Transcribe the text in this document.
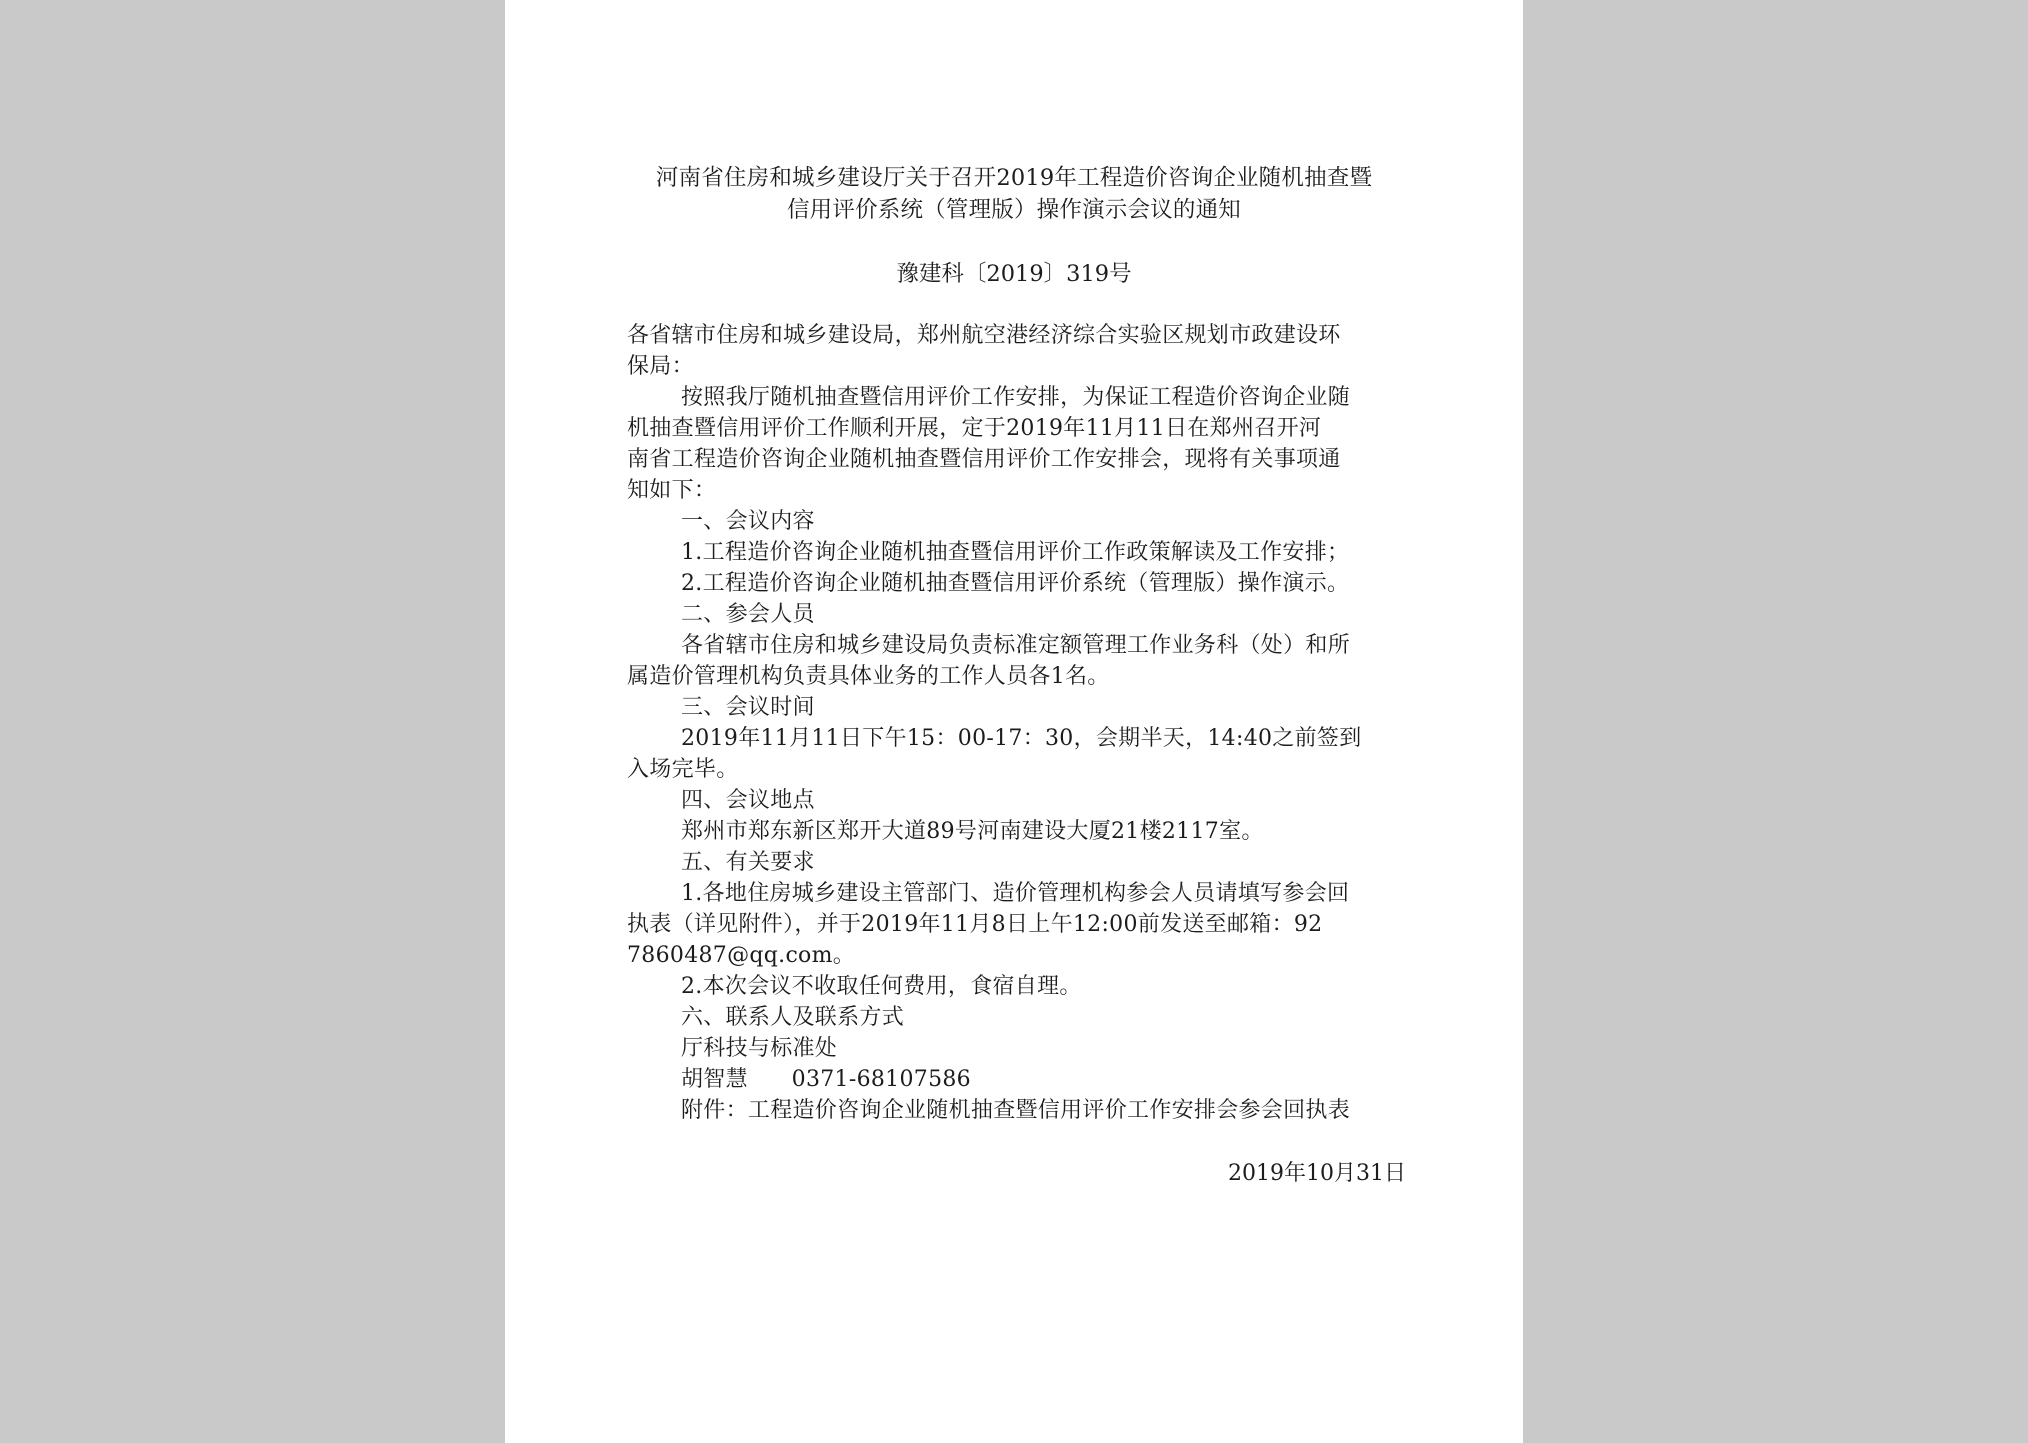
河南省住房和城乡建设厅关于召开2019年工程造价咨询企业随机抽查暨
信用评价系统（管理版）操作演示会议的通知
豫建科〔2019〕319号
各省辖市住房和城乡建设局，郑州航空港经济综合实验区规划市政建设环
保局：
按照我厅随机抽查暨信用评价工作安排，为保证工程造价咨询企业随
机抽查暨信用评价工作顺利开展，定于2019年11月11日在郑州召开河
南省工程造价咨询企业随机抽查暨信用评价工作安排会，现将有关事项通
知如下：
一、会议内容
1.工程造价咨询企业随机抽查暨信用评价工作政策解读及工作安排；
2.工程造价咨询企业随机抽查暨信用评价系统（管理版）操作演示。
二、参会人员
各省辖市住房和城乡建设局负责标准定额管理工作业务科（处）和所
属造价管理机构负责具体业务的工作人员各1名。
三、会议时间
2019年11月11日下午15：00-17：30，会期半天，14:40之前签到
入场完毕。
四、会议地点
郑州市郑东新区郑开大道89号河南建设大厦21楼2117室。
五、有关要求
1.各地住房城乡建设主管部门、造价管理机构参会人员请填写参会回
执表（详见附件），并于2019年11月8日上午12:00前发送至邮箱：92
7860487@qq.com。
2.本次会议不收取任何费用，食宿自理。
六、联系人及联系方式
厅科技与标准处
胡智慧      0371-68107586
附件：工程造价咨询企业随机抽查暨信用评价工作安排会参会回执表
2019年10月31日
